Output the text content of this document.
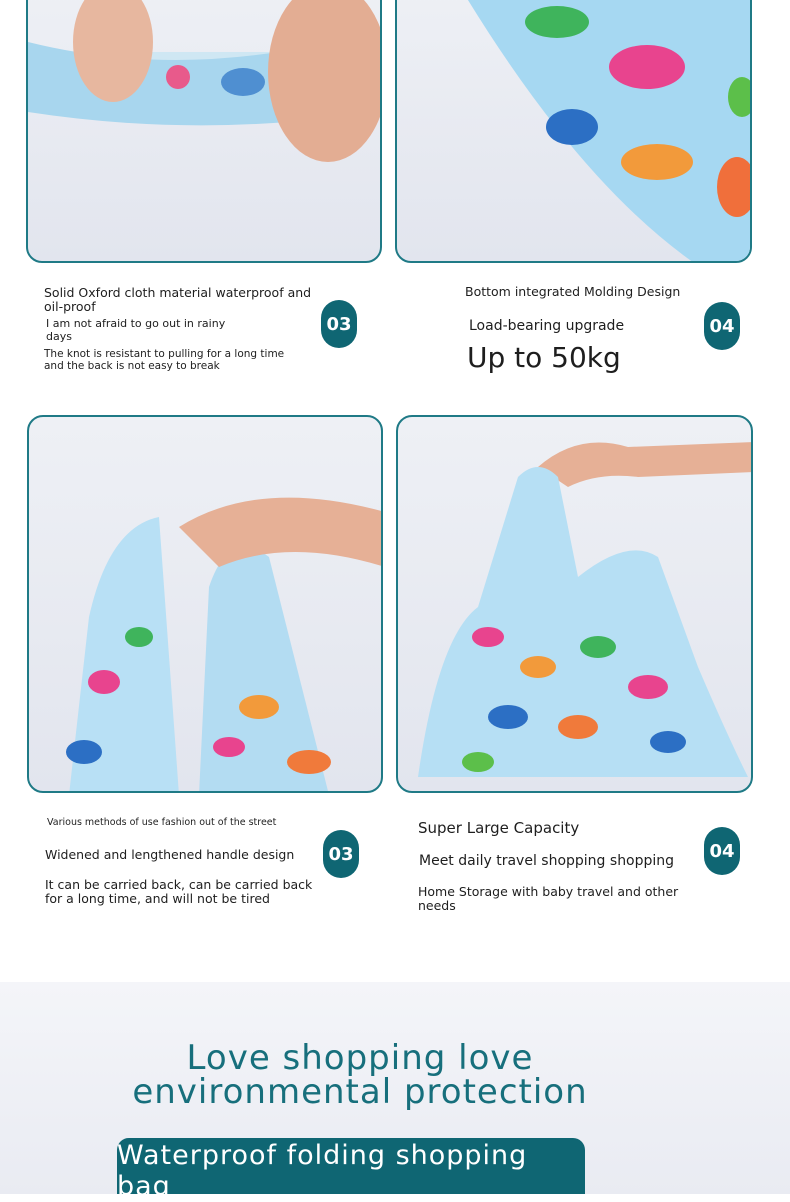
Solid Oxford cloth material waterproof and oil-proof
I am not afraid to go out in rainy days
The knot is resistant to pulling for a long time and the back is not easy to break
03
Bottom integrated Molding Design
Load-bearing upgrade
Up to 50kg
04
Various methods of use fashion out of the street
Widened and lengthened handle design
It can be carried back, can be carried back for a long time, and will not be tired
03
Super Large Capacity
Meet daily travel shopping shopping
Home Storage with baby travel and other needs
04
Love shopping love
environmental protection
Waterproof folding shopping bag
